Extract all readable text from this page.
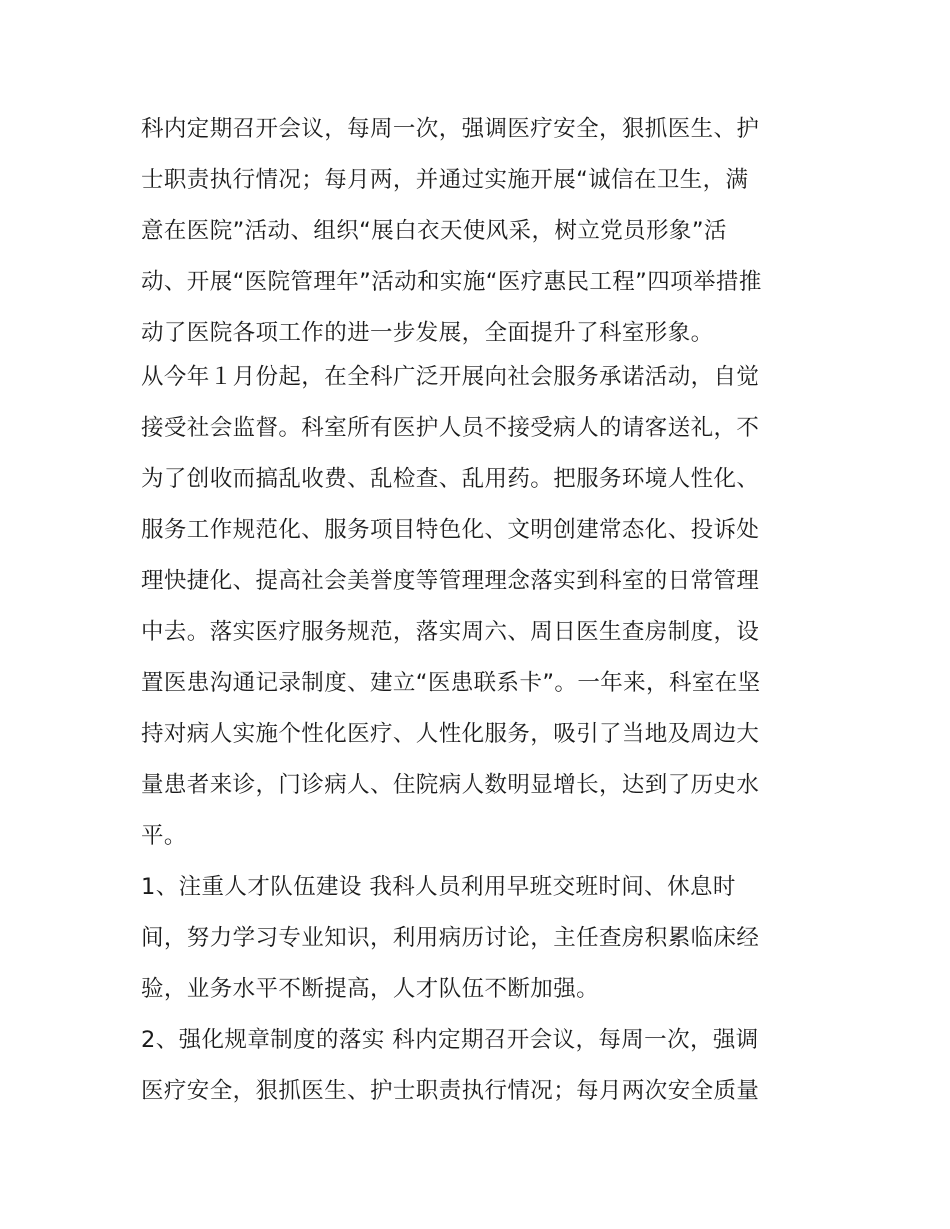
科内定期召开会议，每周一次，强调医疗安全，狠抓医生、护
士职责执行情况；每月两，并通过实施开展“诚信在卫生，满
意在医院”活动、组织“展白衣天使风采，树立党员形象”活
动、开展“医院管理年”活动和实施“医疗惠民工程”四项举措推
动了医院各项工作的进一步发展，全面提升了科室形象。
从今年１月份起，在全科广泛开展向社会服务承诺活动，自觉
接受社会监督。科室所有医护人员不接受病人的请客送礼，不
为了创收而搞乱收费、乱检查、乱用药。把服务环境人性化、
服务工作规范化、服务项目特色化、文明创建常态化、投诉处
理快捷化、提高社会美誉度等管理理念落实到科室的日常管理
中去。落实医疗服务规范，落实周六、周日医生查房制度，设
置医患沟通记录制度、建立“医患联系卡”。一年来，科室在坚
持对病人实施个性化医疗、人性化服务，吸引了当地及周边大
量患者来诊，门诊病人、住院病人数明显增长，达到了历史水
平。
1、注重人才队伍建设 我科人员利用早班交班时间、休息时
间，努力学习专业知识，利用病历讨论，主任查房积累临床经
验，业务水平不断提高，人才队伍不断加强。
2、强化规章制度的落实 科内定期召开会议，每周一次，强调
医疗安全，狠抓医生、护士职责执行情况；每月两次安全质量
